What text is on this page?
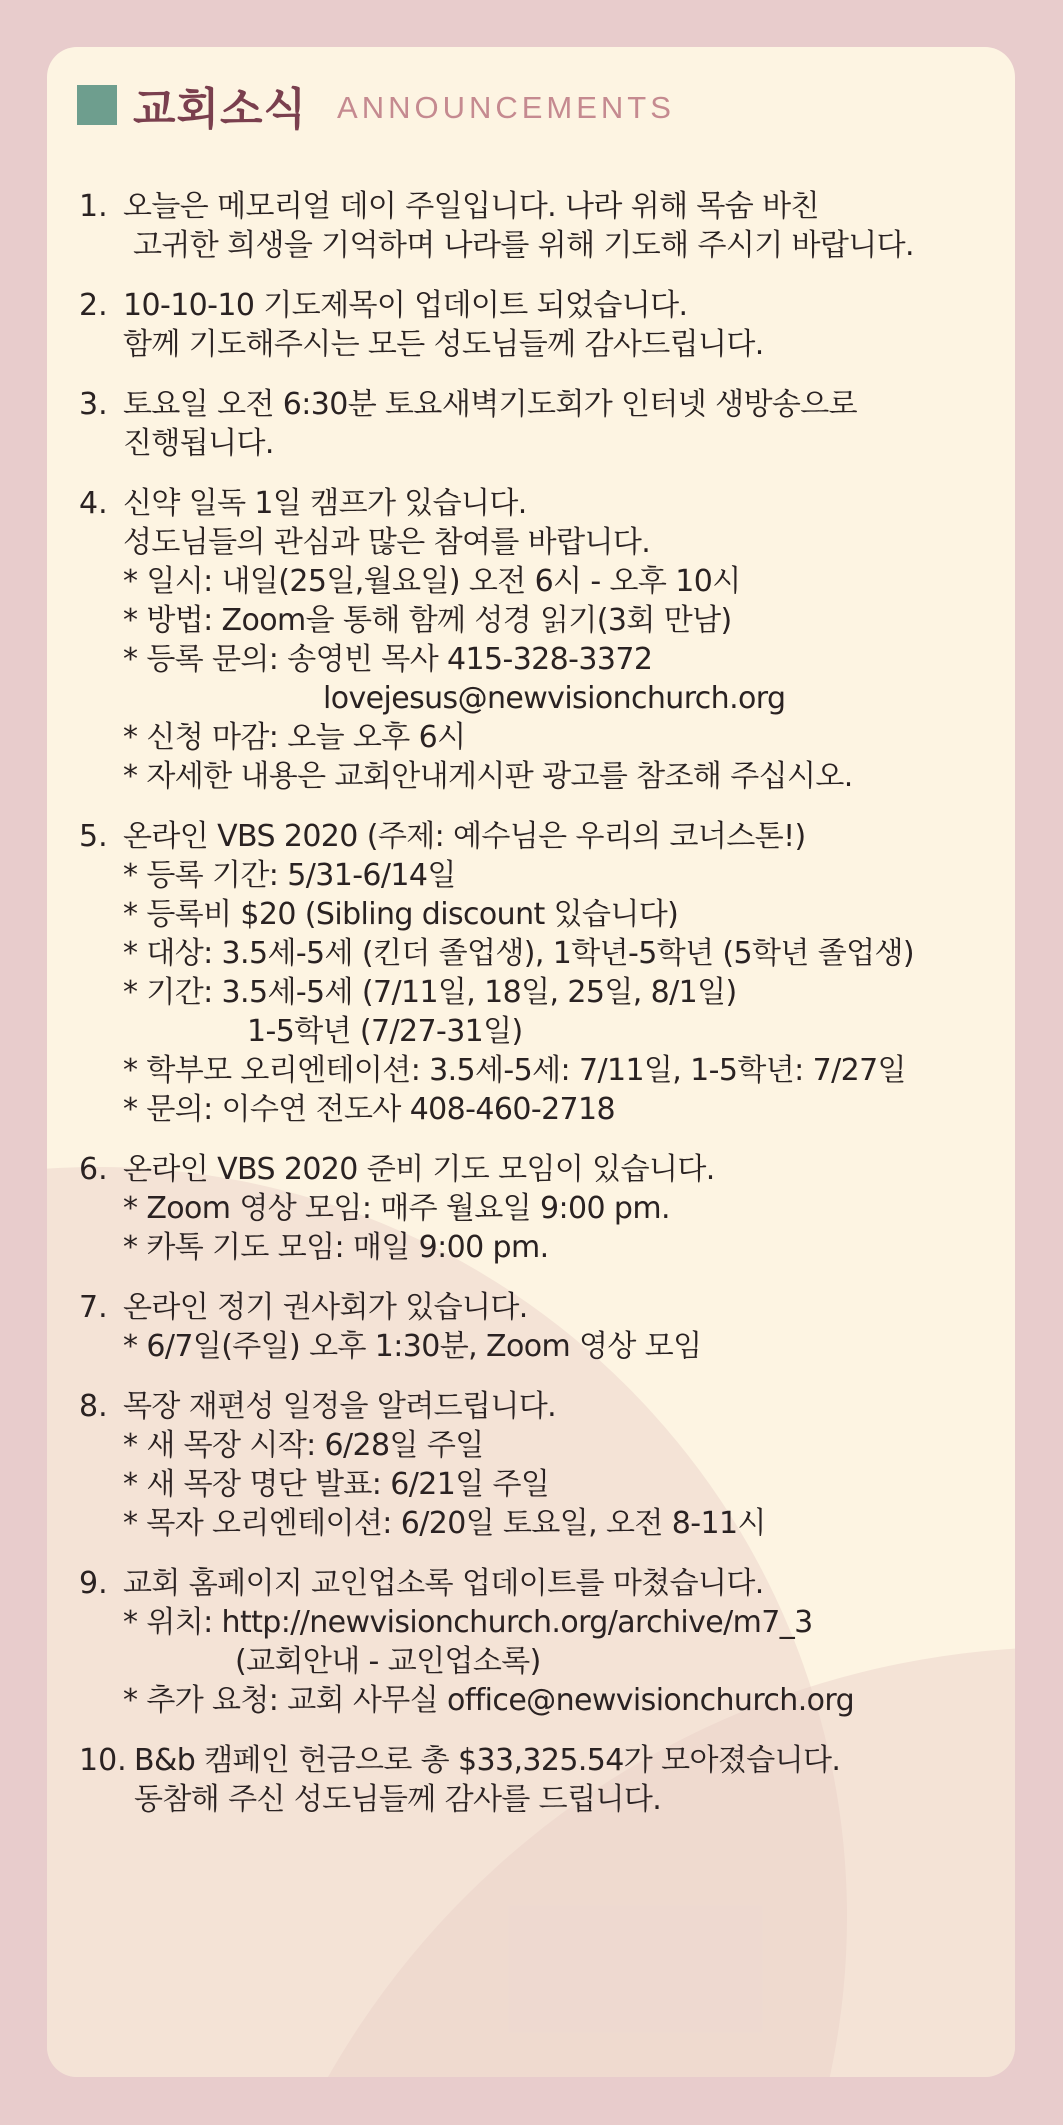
교회소식 ANNOUNCEMENTS
1. 오늘은 메모리얼 데이 주일입니다. 나라 위해 목숨 바친
고귀한 희생을 기억하며 나라를 위해 기도해 주시기 바랍니다.
2. 10-10-10 기도제목이 업데이트 되었습니다.
함께 기도해주시는 모든 성도님들께 감사드립니다.
3. 토요일 오전 6:30분 토요새벽기도회가 인터넷 생방송으로
진행됩니다.
4. 신약 일독 1일 캠프가 있습니다.
성도님들의 관심과 많은 참여를 바랍니다.
* 일시: 내일(25일,월요일) 오전 6시 - 오후 10시
* 방법: Zoom을 통해 함께 성경 읽기(3회 만남)
* 등록 문의: 송영빈 목사 415-328-3372
lovejesus@newvisionchurch.org
* 신청 마감: 오늘 오후 6시
* 자세한 내용은 교회안내게시판 광고를 참조해 주십시오.
5. 온라인 VBS 2020 (주제: 예수님은 우리의 코너스톤!)
* 등록 기간: 5/31-6/14일
* 등록비 $20 (Sibling discount 있습니다)
* 대상: 3.5세-5세 (킨더 졸업생), 1학년-5학년 (5학년 졸업생)
* 기간: 3.5세-5세 (7/11일, 18일, 25일, 8/1일)
1-5학년 (7/27-31일)
* 학부모 오리엔테이션: 3.5세-5세: 7/11일, 1-5학년: 7/27일
* 문의: 이수연 전도사 408-460-2718
6. 온라인 VBS 2020 준비 기도 모임이 있습니다.
* Zoom 영상 모임: 매주 월요일 9:00 pm.
* 카톡 기도 모임: 매일 9:00 pm.
7. 온라인 정기 권사회가 있습니다.
* 6/7일(주일) 오후 1:30분, Zoom 영상 모임
8. 목장 재편성 일정을 알려드립니다.
* 새 목장 시작: 6/28일 주일
* 새 목장 명단 발표: 6/21일 주일
* 목자 오리엔테이션: 6/20일 토요일, 오전 8-11시
9. 교회 홈페이지 교인업소록 업데이트를 마쳤습니다.
* 위치: http://newvisionchurch.org/archive/m7_3
(교회안내 - 교인업소록)
* 추가 요청: 교회 사무실 office@newvisionchurch.org
10. B&b 캠페인 헌금으로 총 $33,325.54가 모아졌습니다.
동참해 주신 성도님들께 감사를 드립니다.
